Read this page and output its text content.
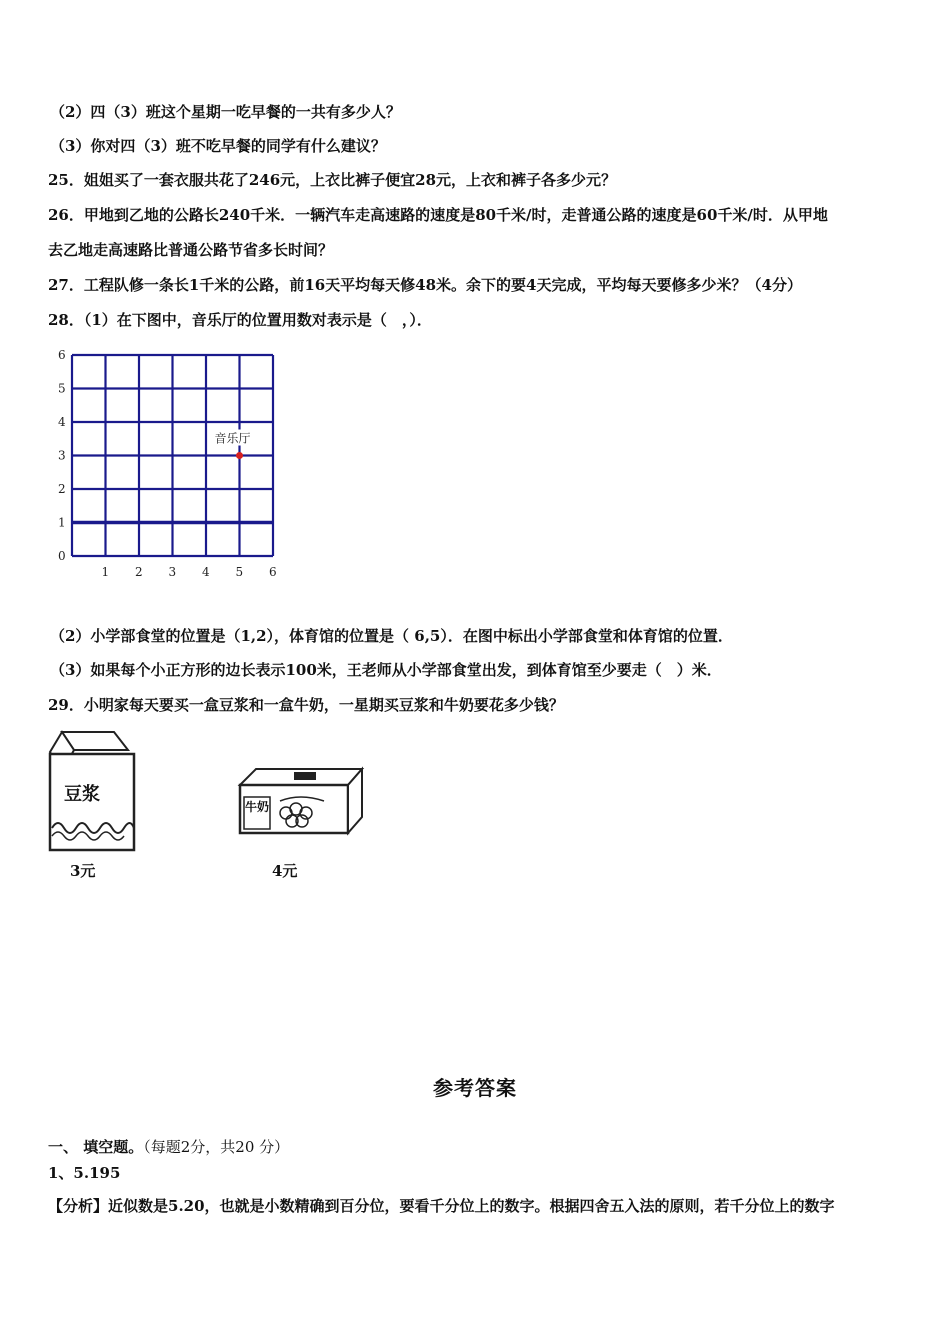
（2）四（3）班这个星期一吃早餐的一共有多少人？
（3）你对四（3）班不吃早餐的同学有什么建议？
25．姐姐买了一套衣服共花了246元，上衣比裤子便宜28元，上衣和裤子各多少元？
26．甲地到乙地的公路长240千米．一辆汽车走高速路的速度是80千米/时，走普通公路的速度是60千米/时．从甲地
去乙地走高速路比普通公路节省多长时间？
27．工程队修一条长1千米的公路，前16天平均每天修48米。余下的要4天完成，平均每天要修多少米？（4分）
28．（1）在下图中，音乐厅的位置用数对表示是（　，）．
1 2 3 4 5 6
0
1
2
3
4
5
6
音乐厅
（2）小学部食堂的位置是（1,2），体育馆的位置是（ 6,5）．在图中标出小学部食堂和体育馆的位置．
（3）如果每个小正方形的边长表示100米，王老师从小学部食堂出发，到体育馆至少要走（　）米．
29．小明家每天要买一盒豆浆和一盒牛奶，一星期买豆浆和牛奶要花多少钱？
豆浆
3元
牛奶
4元
参考答案
一、 填空题。（每题2分，共20 分）
1、5.195
【分析】近似数是5.20，也就是小数精确到百分位，要看千分位上的数字。根据四舍五入法的原则，若千分位上的数字
